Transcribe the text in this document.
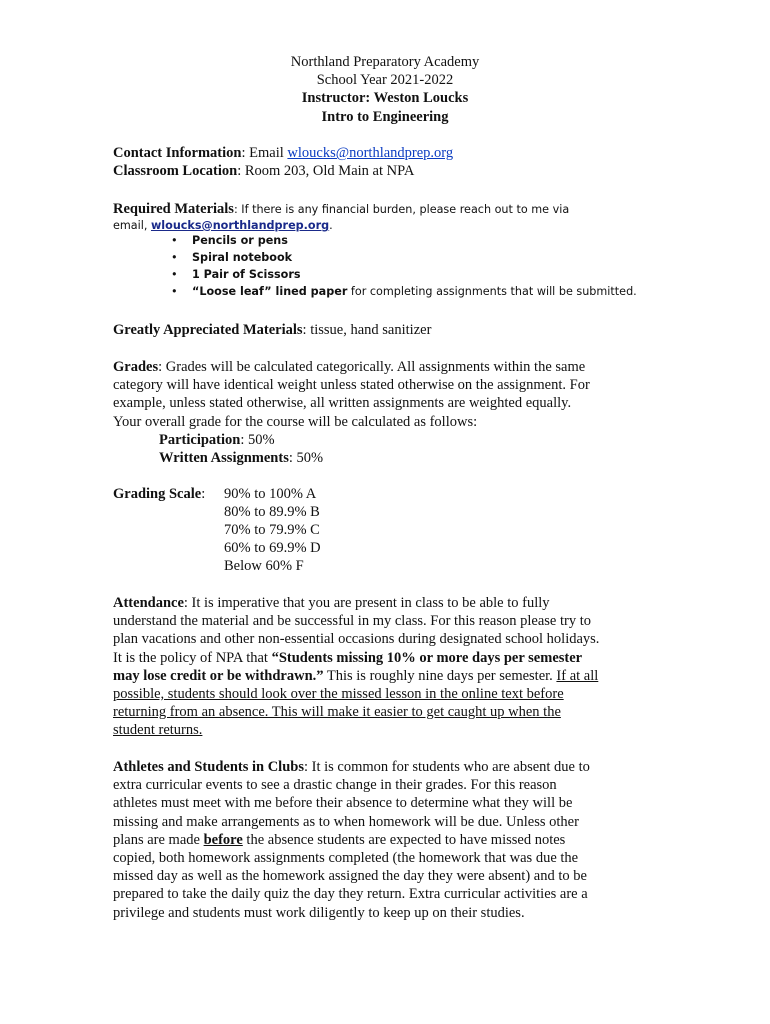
Northland Preparatory Academy
School Year 2021-2022
Instructor: Weston Loucks
Intro to Engineering
Contact Information: Email wloucks@northlandprep.org
Classroom Location: Room 203, Old Main at NPA
Required Materials: If there is any financial burden, please reach out to me via
email, wloucks@northlandprep.org.
• Pencils or pens
• Spiral notebook
• 1 Pair of Scissors
• “Loose leaf” lined paper for completing assignments that will be submitted.
Greatly Appreciated Materials: tissue, hand sanitizer
Grades: Grades will be calculated categorically. All assignments within the same
category will have identical weight unless stated otherwise on the assignment. For
example, unless stated otherwise, all written assignments are weighted equally.
Your overall grade for the course will be calculated as follows:
Participation: 50%
Written Assignments: 50%
Grading Scale: 90% to 100% A
80% to 89.9% B
70% to 79.9% C
60% to 69.9% D
Below 60% F
Attendance: It is imperative that you are present in class to be able to fully
understand the material and be successful in my class. For this reason please try to
plan vacations and other non-essential occasions during designated school holidays.
It is the policy of NPA that “Students missing 10% or more days per semester
may lose credit or be withdrawn.” This is roughly nine days per semester. If at all
possible, students should look over the missed lesson in the online text before
returning from an absence. This will make it easier to get caught up when the
student returns.
Athletes and Students in Clubs: It is common for students who are absent due to
extra curricular events to see a drastic change in their grades. For this reason
athletes must meet with me before their absence to determine what they will be
missing and make arrangements as to when homework will be due. Unless other
plans are made before the absence students are expected to have missed notes
copied, both homework assignments completed (the homework that was due the
missed day as well as the homework assigned the day they were absent) and to be
prepared to take the daily quiz the day they return. Extra curricular activities are a
privilege and students must work diligently to keep up on their studies.
